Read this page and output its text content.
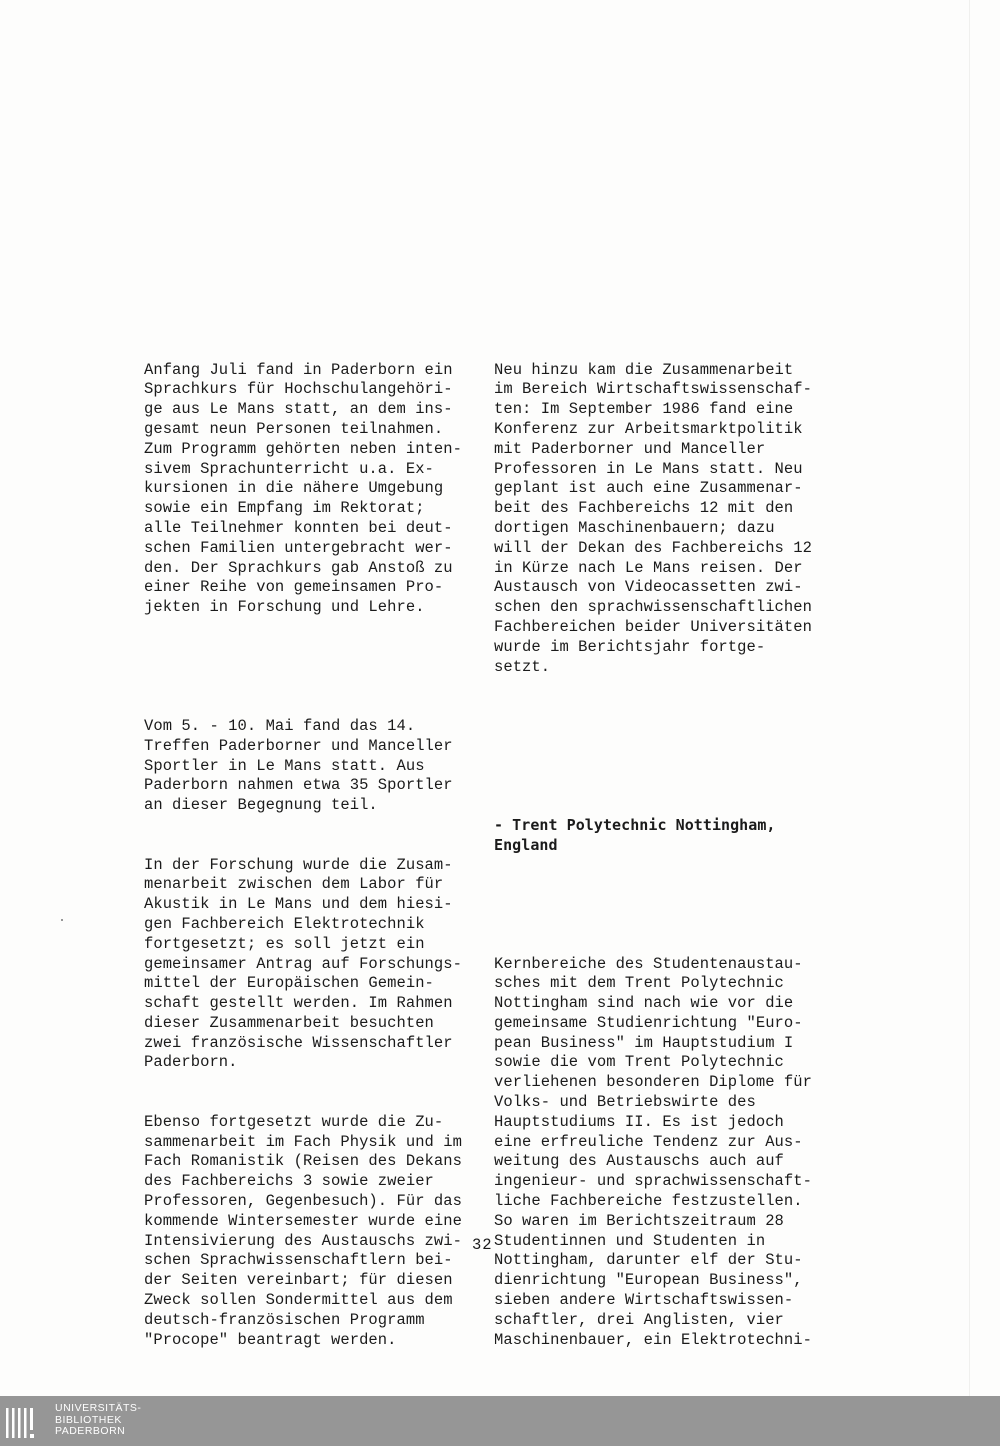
Anfang Juli fand in Paderborn ein
Sprachkurs für Hochschulangehöri-
ge aus Le Mans statt, an dem ins-
gesamt neun Personen teilnahmen.
Zum Programm gehörten neben inten-
sivem Sprachunterricht u.a. Ex-
kursionen in die nähere Umgebung
sowie ein Empfang im Rektorat;
alle Teilnehmer konnten bei deut-
schen Familien untergebracht wer-
den. Der Sprachkurs gab Anstoß zu
einer Reihe von gemeinsamen Pro-
jekten in Forschung und Lehre.

Vom 5. - 10. Mai fand das 14.
Treffen Paderborner und Manceller
Sportler in Le Mans statt. Aus
Paderborn nahmen etwa 35 Sportler
an dieser Begegnung teil.

In der Forschung wurde die Zusam-
menarbeit zwischen dem Labor für
Akustik in Le Mans und dem hiesi-
gen Fachbereich Elektrotechnik
fortgesetzt; es soll jetzt ein
gemeinsamer Antrag auf Forschungs-
mittel der Europäischen Gemein-
schaft gestellt werden. Im Rahmen
dieser Zusammenarbeit besuchten
zwei französische Wissenschaftler
Paderborn.

Ebenso fortgesetzt wurde die Zu-
sammenarbeit im Fach Physik und im
Fach Romanistik (Reisen des Dekans
des Fachbereichs 3 sowie zweier
Professoren, Gegenbesuch). Für das
kommende Wintersemester wurde eine
Intensivierung des Austauschs zwi-
schen Sprachwissenschaftlern bei-
der Seiten vereinbart; für diesen
Zweck sollen Sondermittel aus dem
deutsch-französischen Programm
"Procope" beantragt werden.

Neu hinzu kam die Zusammenarbeit
im Bereich Wirtschaftswissenschaf-
ten: Im September 1986 fand eine
Konferenz zur Arbeitsmarktpolitik
mit Paderborner und Manceller
Professoren in Le Mans statt. Neu
geplant ist auch eine Zusammenar-
beit des Fachbereichs 12 mit den
dortigen Maschinenbauern; dazu
will der Dekan des Fachbereichs 12
in Kürze nach Le Mans reisen. Der
Austausch von Videocassetten zwi-
schen den sprachwissenschaftlichen
Fachbereichen beider Universitäten
wurde im Berichtsjahr fortge-
setzt.

- Trent Polytechnic Nottingham,
England

Kernbereiche des Studentenaustau-
sches mit dem Trent Polytechnic
Nottingham sind nach wie vor die
gemeinsame Studienrichtung "Euro-
pean Business" im Hauptstudium I
sowie die vom Trent Polytechnic
verliehenen besonderen Diplome für
Volks- und Betriebswirte des
Hauptstudiums II. Es ist jedoch
eine erfreuliche Tendenz zur Aus-
weitung des Austauschs auch auf
ingenieur- und sprachwissenschaft-
liche Fachbereiche festzustellen.
So waren im Berichtszeitraum 28
Studentinnen und Studenten in
Nottingham, darunter elf der Stu-
dienrichtung "European Business",
sieben andere Wirtschaftswissen-
schaftler, drei Anglisten, vier
Maschinenbauer, ein Elektrotechni-

32
UNIVERSITÄTS-
BIBLIOTHEK
PADERBORN
